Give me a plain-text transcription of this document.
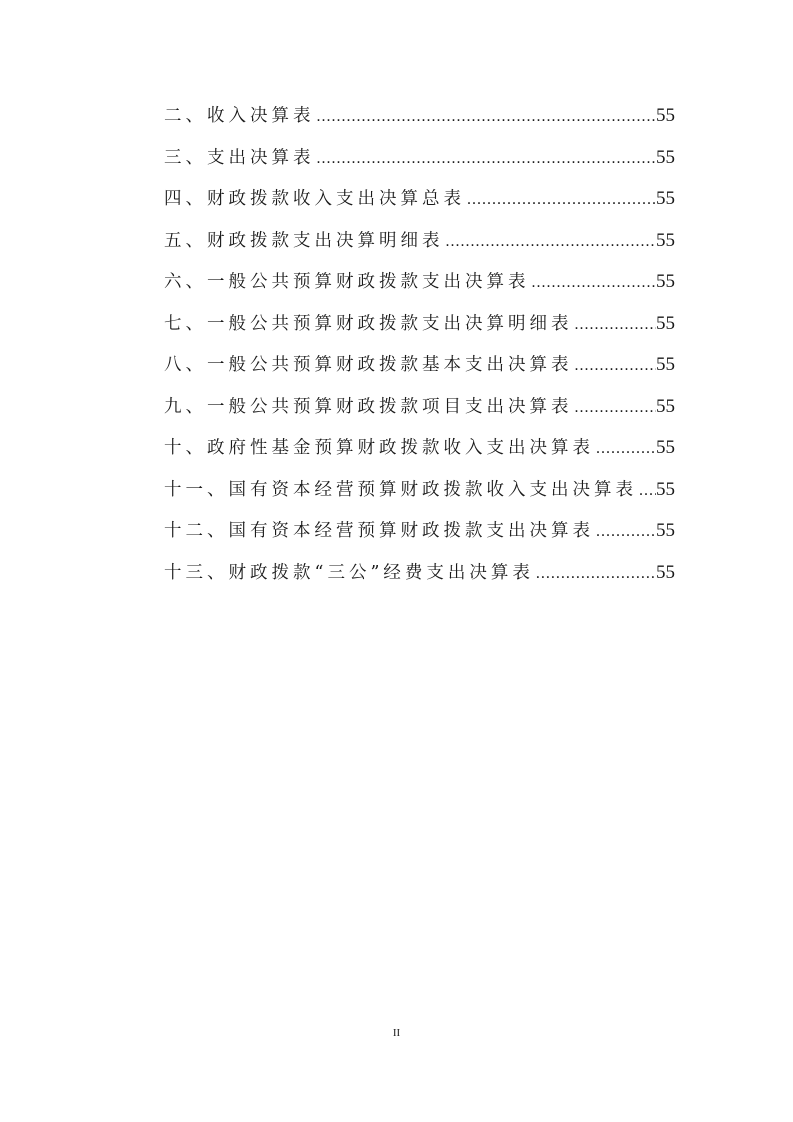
二、收入决算表 .....	55
三、支出决算表 .....	55
四、财政拨款收入支出决算总表 .....	55
五、财政拨款支出决算明细表 .....	55
六、一般公共预算财政拨款支出决算表 .....	55
七、一般公共预算财政拨款支出决算明细表 .....	55
八、一般公共预算财政拨款基本支出决算表 .....	55
九、一般公共预算财政拨款项目支出决算表 .....	55
十、政府性基金预算财政拨款收入支出决算表 .....	55
十一、国有资本经营预算财政拨款收入支出决算表 ..... 55
十二、国有资本经营预算财政拨款支出决算表 .....	55
十三、财政拨款“三公”经费支出决算表 .....	55
II
